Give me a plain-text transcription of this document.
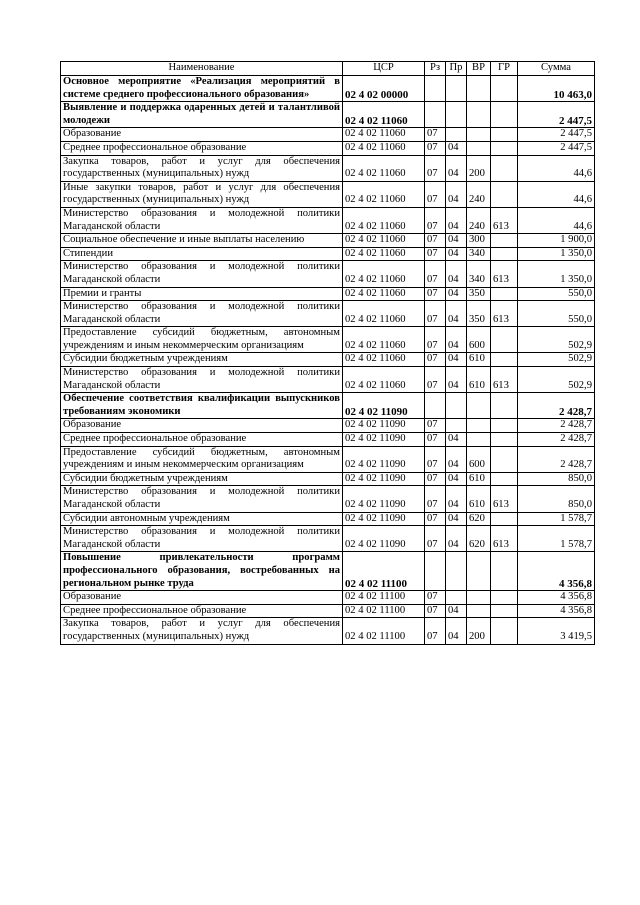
Наименование	ЦСР	Рз	Пр	ВР	ГР	Сумма
Основное мероприятие «Реализация мероприятий в системе среднего профессионального образования»	02 4 02 00000					10 463,0
Выявление и поддержка одаренных детей и талантливой молодежи	02 4 02 11060					2 447,5
Образование	02 4 02 11060	07				2 447,5
Среднее профессиональное образование	02 4 02 11060	07	04			2 447,5
Закупка товаров, работ и услуг для обеспечения государственных (муниципальных) нужд	02 4 02 11060	07	04	200		44,6
Иные закупки товаров, работ и услуг для обеспечения государственных (муниципальных) нужд	02 4 02 11060	07	04	240		44,6
Министерство образования и молодежной политики Магаданской области	02 4 02 11060	07	04	240	613	44,6
Социальное обеспечение и иные выплаты населению	02 4 02 11060	07	04	300		1 900,0
Стипендии	02 4 02 11060	07	04	340		1 350,0
Министерство образования и молодежной политики Магаданской области	02 4 02 11060	07	04	340	613	1 350,0
Премии и гранты	02 4 02 11060	07	04	350		550,0
Министерство образования и молодежной политики Магаданской области	02 4 02 11060	07	04	350	613	550,0
Предоставление субсидий бюджетным, автономным учреждениям и иным некоммерческим организациям	02 4 02 11060	07	04	600		502,9
Субсидии бюджетным учреждениям	02 4 02 11060	07	04	610		502,9
Министерство образования и молодежной политики Магаданской области	02 4 02 11060	07	04	610	613	502,9
Обеспечение соответствия квалификации выпускников требованиям экономики	02 4 02 11090					2 428,7
Образование	02 4 02 11090	07				2 428,7
Среднее профессиональное образование	02 4 02 11090	07	04			2 428,7
Предоставление субсидий бюджетным, автономным учреждениям и иным некоммерческим организациям	02 4 02 11090	07	04	600		2 428,7
Субсидии бюджетным учреждениям	02 4 02 11090	07	04	610		850,0
Министерство образования и молодежной политики Магаданской области	02 4 02 11090	07	04	610	613	850,0
Субсидии автономным учреждениям	02 4 02 11090	07	04	620		1 578,7
Министерство образования и молодежной политики Магаданской области	02 4 02 11090	07	04	620	613	1 578,7
Повышение привлекательности программ профессионального образования, востребованных на региональном рынке труда	02 4 02 11100					4 356,8
Образование	02 4 02 11100	07				4 356,8
Среднее профессиональное образование	02 4 02 11100	07	04			4 356,8
Закупка товаров, работ и услуг для обеспечения государственных (муниципальных) нужд	02 4 02 11100	07	04	200		3 419,5
